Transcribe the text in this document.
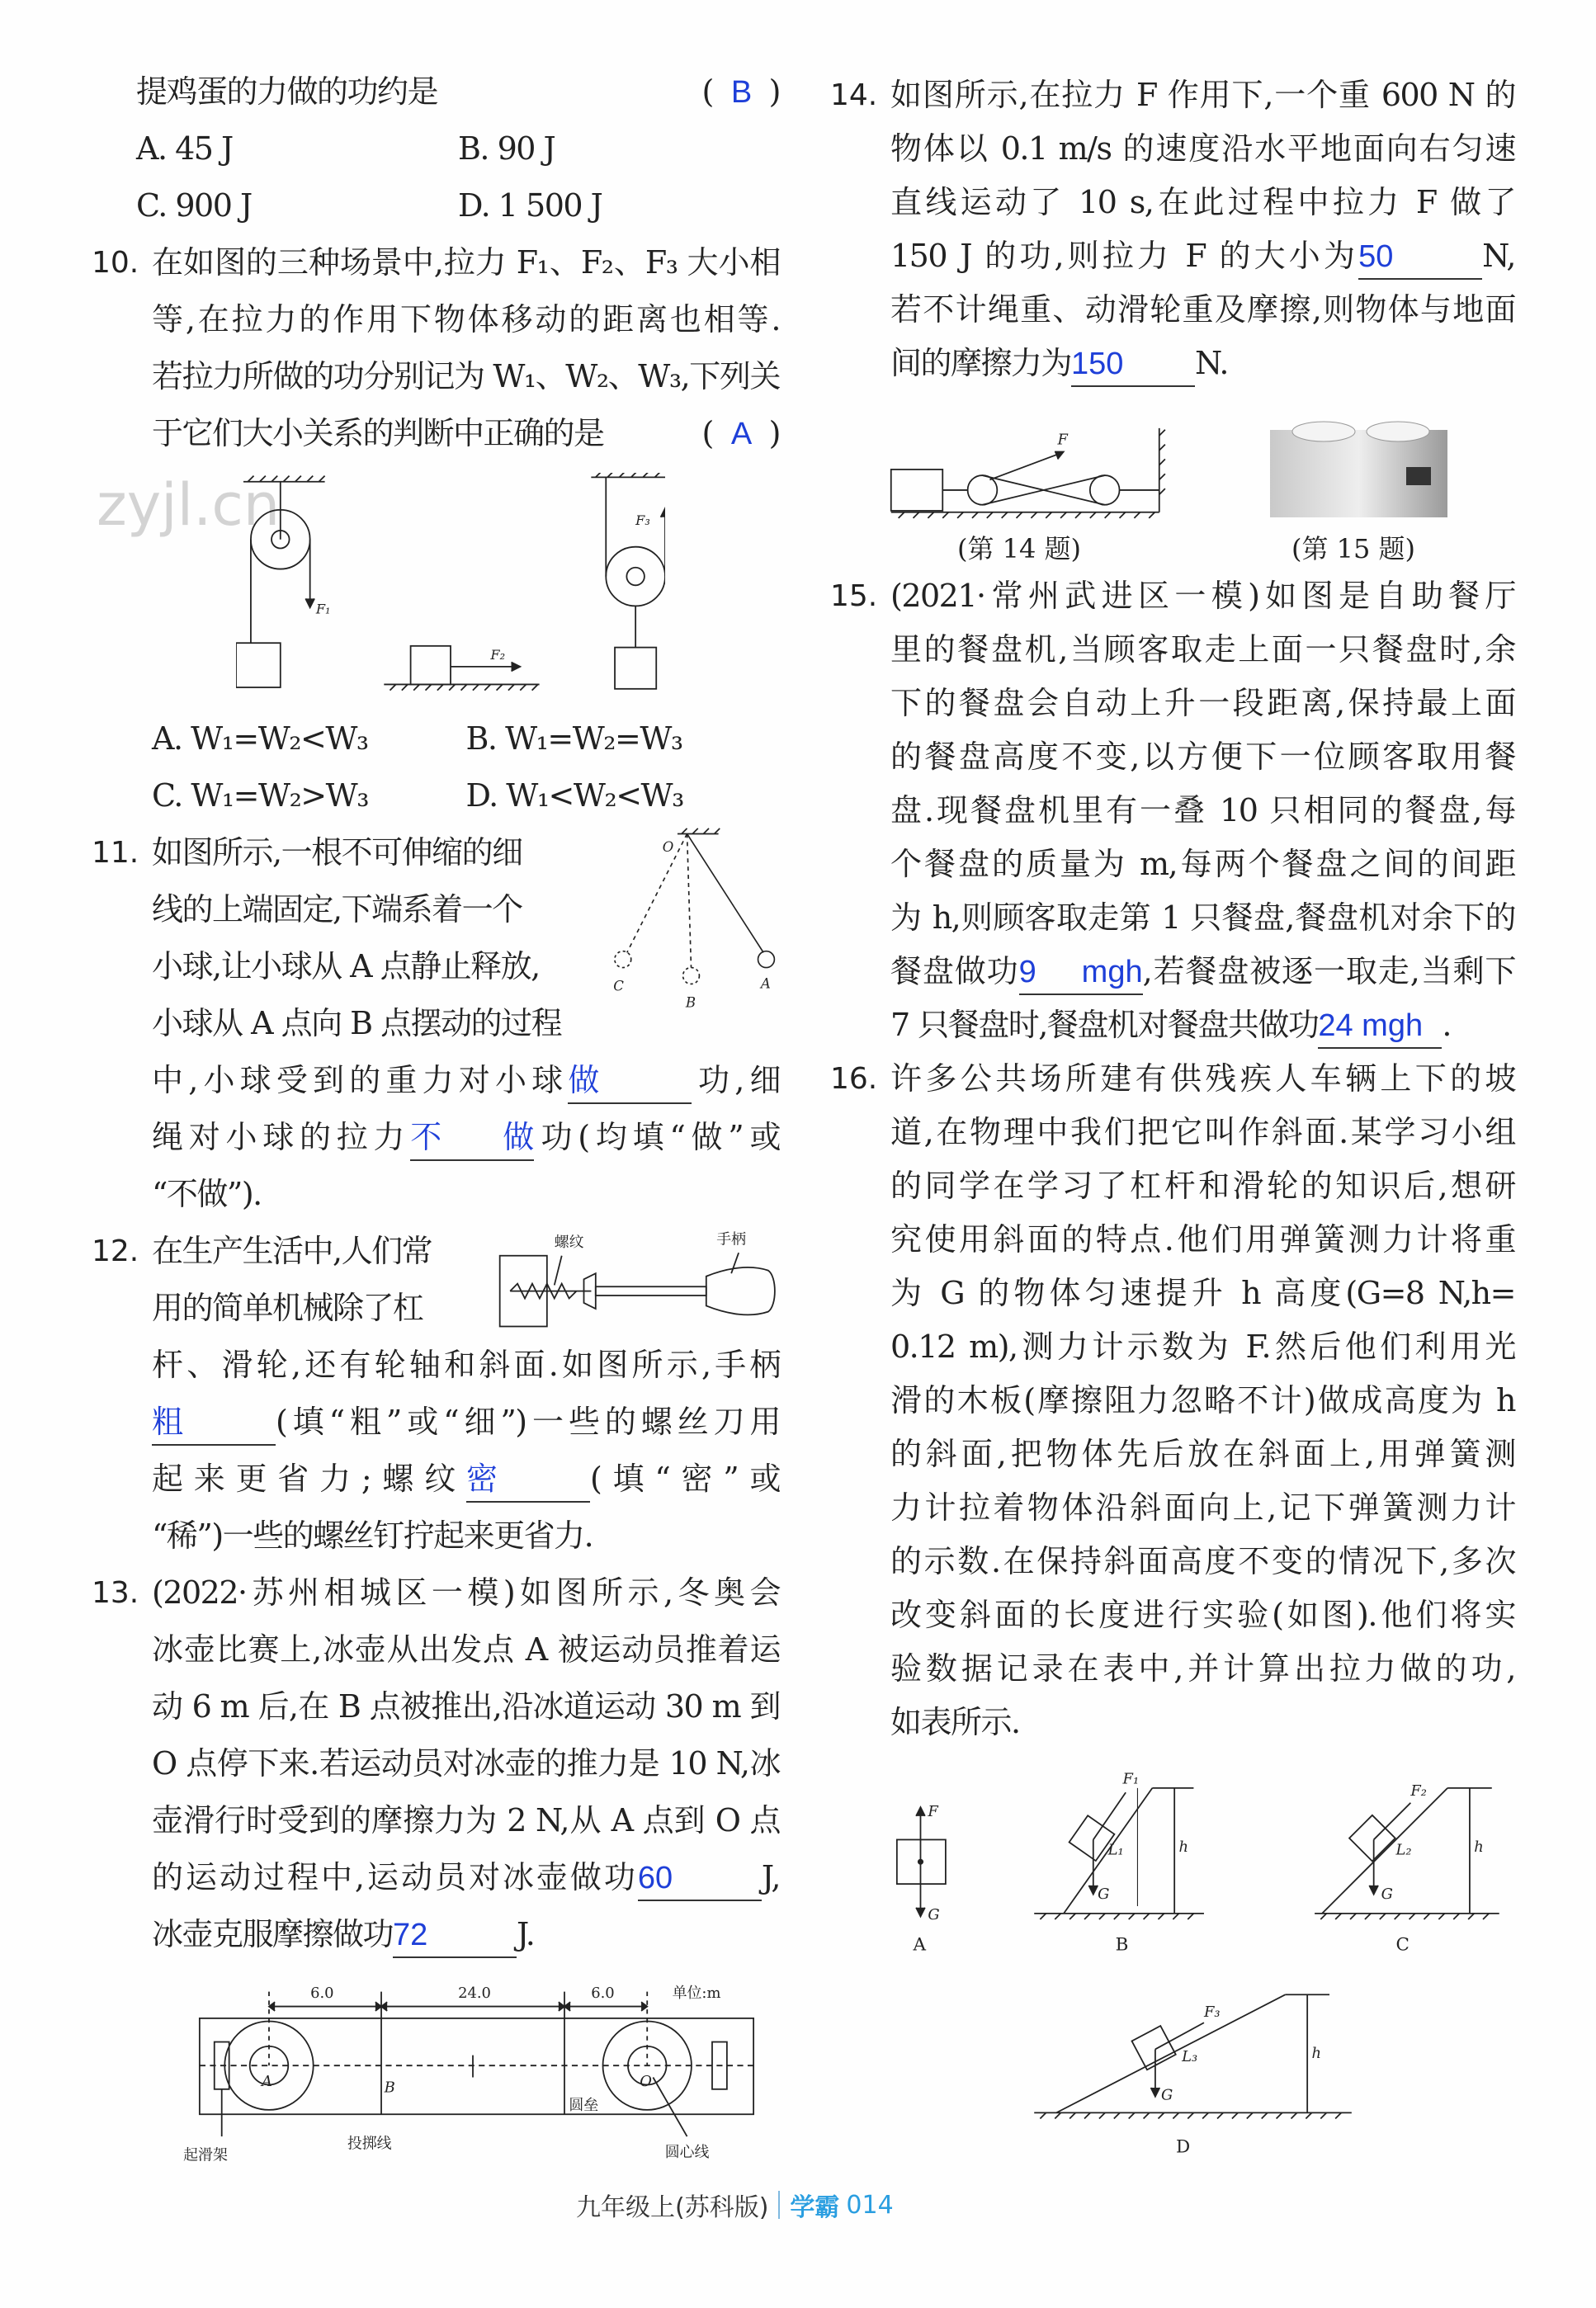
zyjl.cn
提鸡蛋的力做的功约是	( B )
A. 45 J	B. 90 J
C. 900 J	D. 1 500 J
10. 在如图的三种场景中,拉力 F₁、F₂、F₃ 大小相
等,在拉力的作用下物体移动的距离也相等.
若拉力所做的功分别记为 W₁、W₂、W₃,下列关
于它们大小关系的判断中正确的是	( A )
A. W₁=W₂<W₃	B. W₁=W₂=W₃
C. W₁=W₂>W₃	D. W₁<W₂<W₃
11. 如图所示,一根不可伸缩的细
线的上端固定,下端系着一个
小球,让小球从 A 点静止释放,
小球从 A 点向 B 点摆动的过程
中,小球受到的重力对小球做	功,细
绳对小球的拉力不做功(均填“做”或
“不做”).
12. 在生产生活中,人们常
用的简单机械除了杠
杆、滑轮,还有轮轴和斜面.如图所示,手柄
粗	(填“粗”或“细”)一些的螺丝刀用
起来更省力;螺纹密	(填“密”或
“稀”)一些的螺丝钉拧起来更省力.
13. (2022·苏州相城区一模)如图所示,冬奥会
冰壶比赛上,冰壶从出发点 A 被运动员推着运
动 6 m 后,在 B 点被推出,沿冰道运动 30 m 到
O 点停下来.若运动员对冰壶的推力是 10 N,冰
壶滑行时受到的摩擦力为 2 N,从 A 点到 O 点
的运动过程中,运动员对冰壶做功60	J,
冰壶克服摩擦做功72	J.
14. 如图所示,在拉力 F 作用下,一个重 600 N 的
物体以 0.1 m/s 的速度沿水平地面向右匀速
直线运动了 10 s,在此过程中拉力 F 做了
150 J 的功,则拉力 F 的大小为50	N,
若不计绳重、动滑轮重及摩擦,则物体与地面
间的摩擦力为150 N.
15. (2021·常州武进区一模)如图是自助餐厅
里的餐盘机,当顾客取走上面一只餐盘时,余
下的餐盘会自动上升一段距离,保持最上面
的餐盘高度不变,以方便下一位顾客取用餐
盘.现餐盘机里有一叠 10 只相同的餐盘,每
个餐盘的质量为 m,每两个餐盘之间的间距
为 h,则顾客取走第 1 只餐盘,餐盘机对余下的
餐盘做功9 mgh,若餐盘被逐一取走,当剩下
7 只餐盘时,餐盘机对餐盘共做功24 mgh .
16. 许多公共场所建有供残疾人车辆上下的坡
道,在物理中我们把它叫作斜面.某学习小组
的同学在学习了杠杆和滑轮的知识后,想研
究使用斜面的特点.他们用弹簧测力计将重
为 G 的物体匀速提升 h 高度(G=8 N,h=
0.12 m),测力计示数为 F.然后他们利用光
滑的木板(摩擦阻力忽略不计)做成高度为 h
的斜面,把物体先后放在斜面上,用弹簧测
力计拉着物体沿斜面向上,记下弹簧测力计
的示数.在保持斜面高度不变的情况下,多次
改变斜面的长度进行实验(如图).他们将实
验数据记录在表中,并计算出拉力做的功,
如表所示.
F₁
F₂
F₃
O
C
B
A
螺纹	手柄
6.0	24.0	6.0	单位:m
A	B	O
圆垒
起滑架
投掷线
圆心线
F
(第 14 题)	(第 15 题)
F
G
A
F₁
L₁	h
G
B
F₂
L₂	h
G
C
F₃
L₃	h
G
D
九年级上(苏科版) 学霸 014
